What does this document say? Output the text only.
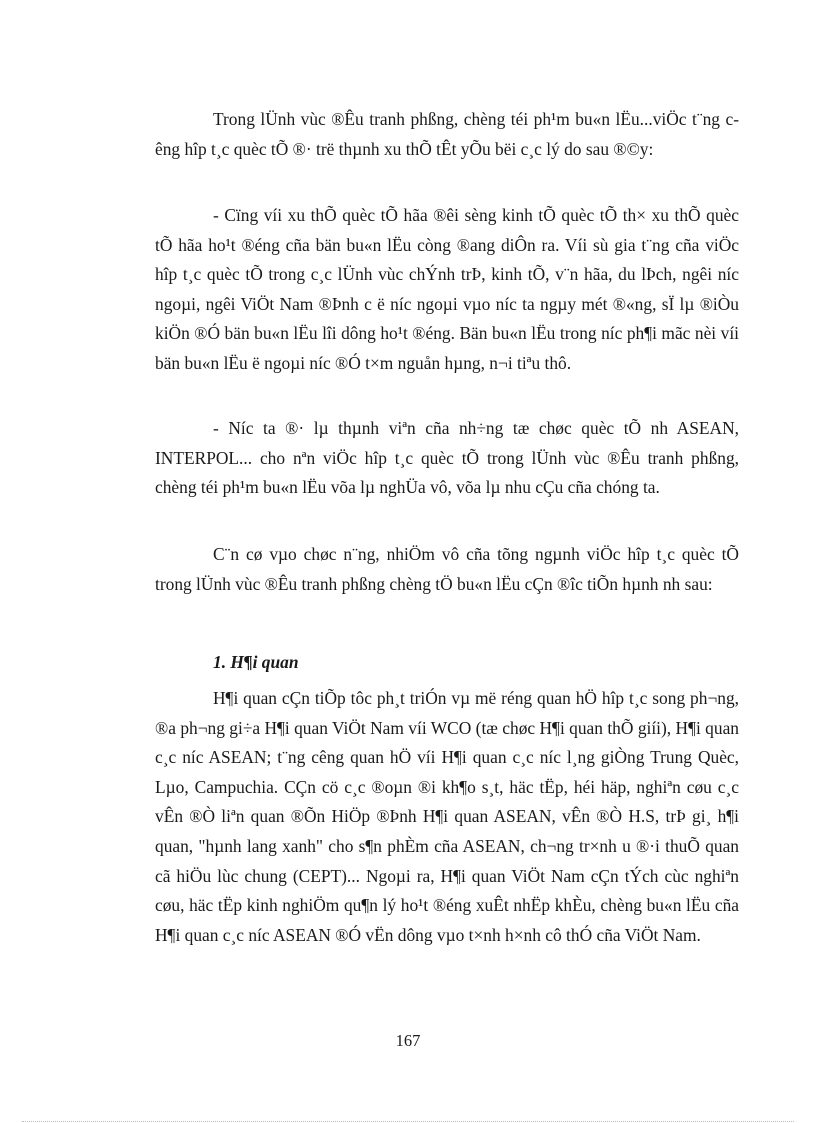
Trong lÜnh vùc ®Êu tranh phßng, chèng téi ph¹m bu«n lËu...viÖc t¨ng cêng hîp t¸c quèc tÕ ®· trë thµnh xu thÕ tÊt yÕu bëi c¸c lý do sau ®©y:

- Cïng víi xu thÕ quèc tÕ hãa ®êi sèng kinh tÕ quèc tÕ th× xu thÕ quèc tÕ hãa ho¹t ®éng cña bän bu«n lËu còng ®ang diÔn ra. Víi sù gia t¨ng cña viÖc hîp t¸c quèc tÕ trong c¸c lÜnh vùc chÝnh trÞ, kinh tÕ, v¨n hãa, du lÞch, ngêi níc ngoµi, ngêi ViÖt Nam ®Þnh c ë níc ngoµi vµo níc ta ngµy mét ®«ng, sÏ lµ ®iÒu kiÖn ®Ó bän bu«n lËu lîi dông ho¹t ®éng. Bän bu«n lËu trong níc ph¶i mãc nèi víi bän bu«n lËu ë ngoµi níc ®Ó t×m nguån hµng, n¬i tiªu thô.

- Níc ta ®· lµ thµnh viªn cña nh÷ng tæ chøc quèc tÕ nh ASEAN, INTERPOL... cho nªn viÖc hîp t¸c quèc tÕ trong lÜnh vùc ®Êu tranh phßng, chèng téi ph¹m bu«n lËu võa lµ nghÜa vô, võa lµ nhu cÇu cña chóng ta.

C¨n cø vµo chøc n¨ng, nhiÖm vô cña tõng ngµnh viÖc hîp t¸c quèc tÕ trong lÜnh vùc ®Êu tranh phßng chèng tÖ bu«n lËu cÇn ®îc tiÕn hµnh nh sau:

1. H¶i quan

H¶i quan cÇn tiÕp tôc ph¸t triÓn vµ më réng quan hÖ hîp t¸c song ph¬ng, ®a ph¬ng gi÷a H¶i quan ViÖt Nam víi WCO (tæ chøc H¶i quan thÕ giíi), H¶i quan c¸c níc ASEAN; t¨ng cêng quan hÖ víi H¶i quan c¸c níc l¸ng giÒng Trung Quèc, Lµo, Campuchia. CÇn cö c¸c ®oµn ®i kh¶o s¸t, häc tËp, héi häp, nghiªn cøu c¸c vÊn ®Ò liªn quan ®Õn HiÖp ®Þnh H¶i quan ASEAN, vÊn ®Ò H.S, trÞ gi¸ h¶i quan, "hµnh lang xanh" cho s¶n phÈm cña ASEAN, ch¬ng tr×nh u ®·i thuÕ quan cã hiÖu lùc chung (CEPT)... Ngoµi ra, H¶i quan ViÖt Nam cÇn tÝch cùc nghiªn cøu, häc tËp kinh nghiÖm qu¶n lý ho¹t ®éng xuÊt nhËp khÈu, chèng bu«n lËu cña H¶i quan c¸c níc ASEAN ®Ó vËn dông vµo t×nh h×nh cô thÓ cña ViÖt Nam.

167
